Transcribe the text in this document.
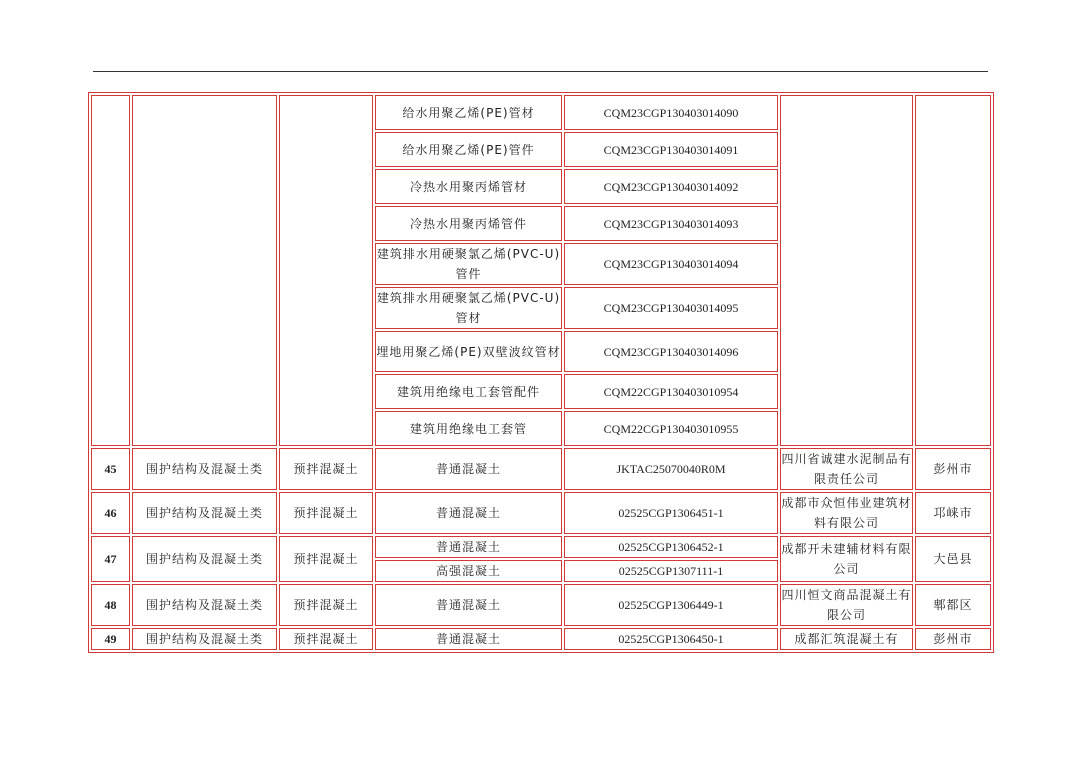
			给水用聚乙烯(PE)管材	CQM23CGP130403014090		
			给水用聚乙烯(PE)管件	CQM23CGP130403014091		
			冷热水用聚丙烯管材	CQM23CGP130403014092		
			冷热水用聚丙烯管件	CQM23CGP130403014093		
			建筑排水用硬聚氯乙烯(PVC-U)管件	CQM23CGP130403014094		
			建筑排水用硬聚氯乙烯(PVC-U)管材	CQM23CGP130403014095		
			埋地用聚乙烯(PE)双壁波纹管材	CQM23CGP130403014096		
			建筑用绝缘电工套管配件	CQM22CGP130403010954		
			建筑用绝缘电工套管	CQM22CGP130403010955		
45	围护结构及混凝土类	预拌混凝土	普通混凝土	JKTAC25070040R0M	四川省诚建水泥制品有限责任公司	彭州市
46	围护结构及混凝土类	预拌混凝土	普通混凝土	02525CGP1306451-1	成都市众恒伟业建筑材料有限公司	邛崃市
47	围护结构及混凝土类	预拌混凝土	普通混凝土	02525CGP1306452-1	成都开未建辅材料有限公司	大邑县
			高强混凝土	02525CGP1307111-1		
48	围护结构及混凝土类	预拌混凝土	普通混凝土	02525CGP1306449-1	四川恒文商品混凝土有限公司	郫都区
49	围护结构及混凝土类	预拌混凝土	普通混凝土	02525CGP1306450-1	成都汇筑混凝土有	彭州市
